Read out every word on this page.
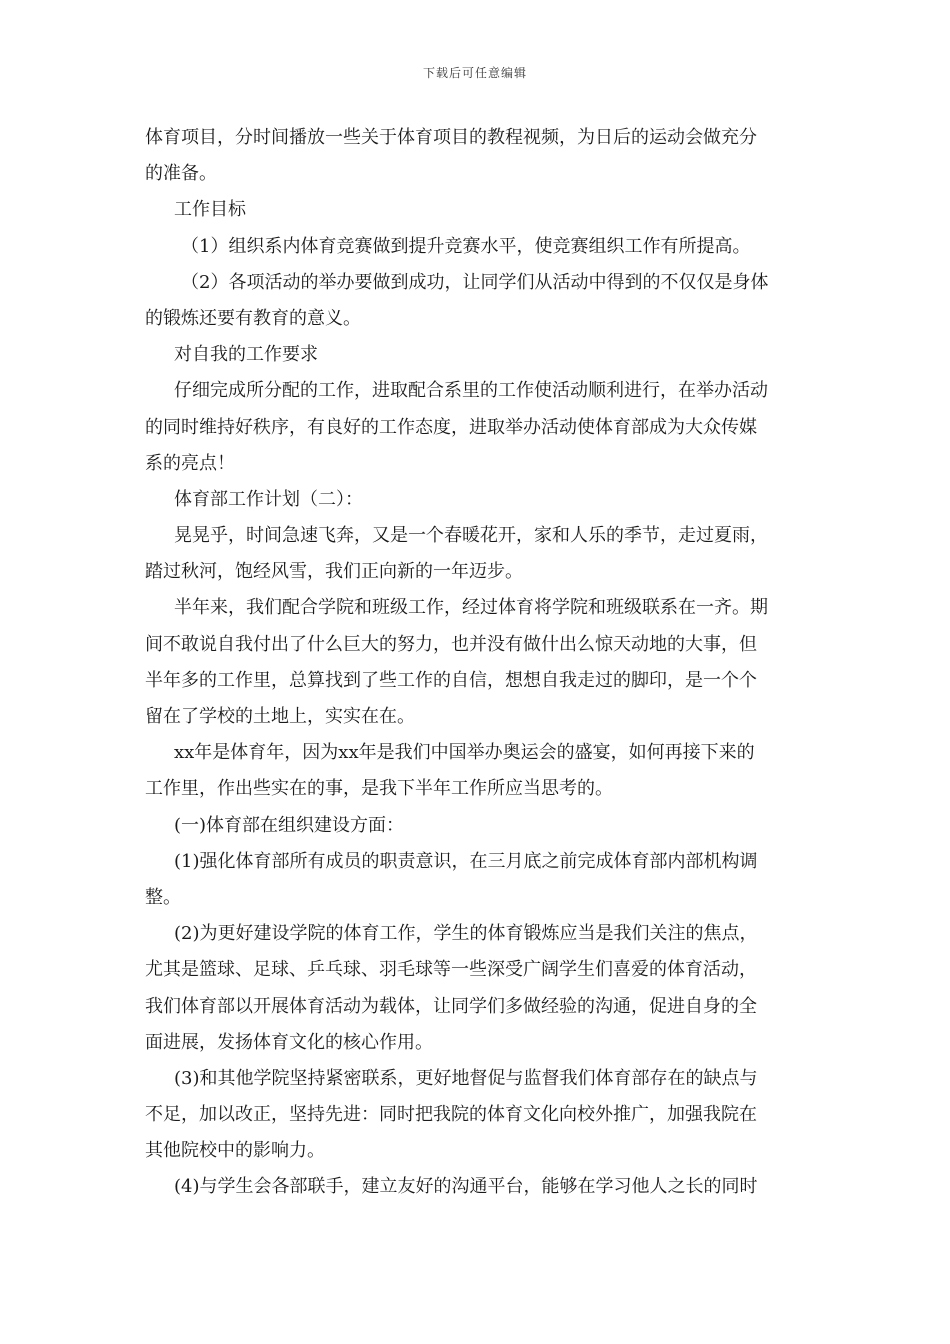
下载后可任意编辑
体育项目，分时间播放一些关于体育项目的教程视频，为日后的运动会做充分
的准备。
工作目标
（1）组织系内体育竞赛做到提升竞赛水平，使竞赛组织工作有所提高。
（2）各项活动的举办要做到成功，让同学们从活动中得到的不仅仅是身体
的锻炼还要有教育的意义。
对自我的工作要求
仔细完成所分配的工作，进取配合系里的工作使活动顺利进行，在举办活动
的同时维持好秩序，有良好的工作态度，进取举办活动使体育部成为大众传媒
系的亮点！
体育部工作计划（二）：
晃晃乎，时间急速飞奔，又是一个春暖花开，家和人乐的季节，走过夏雨，
踏过秋河，饱经风雪，我们正向新的一年迈步。
半年来，我们配合学院和班级工作，经过体育将学院和班级联系在一齐。期
间不敢说自我付出了什么巨大的努力，也并没有做什出么惊天动地的大事，但
半年多的工作里，总算找到了些工作的自信，想想自我走过的脚印，是一个个
留在了学校的土地上，实实在在。
xx年是体育年，因为xx年是我们中国举办奥运会的盛宴，如何再接下来的
工作里，作出些实在的事，是我下半年工作所应当思考的。
(一)体育部在组织建设方面：
(1)强化体育部所有成员的职责意识，在三月底之前完成体育部内部机构调
整。
(2)为更好建设学院的体育工作，学生的体育锻炼应当是我们关注的焦点，
尤其是篮球、足球、乒乓球、羽毛球等一些深受广阔学生们喜爱的体育活动，
我们体育部以开展体育活动为载体，让同学们多做经验的沟通，促进自身的全
面进展，发扬体育文化的核心作用。
(3)和其他学院坚持紧密联系，更好地督促与监督我们体育部存在的缺点与
不足，加以改正，坚持先进：同时把我院的体育文化向校外推广，加强我院在
其他院校中的影响力。
(4)与学生会各部联手，建立友好的沟通平台，能够在学习他人之长的同时
